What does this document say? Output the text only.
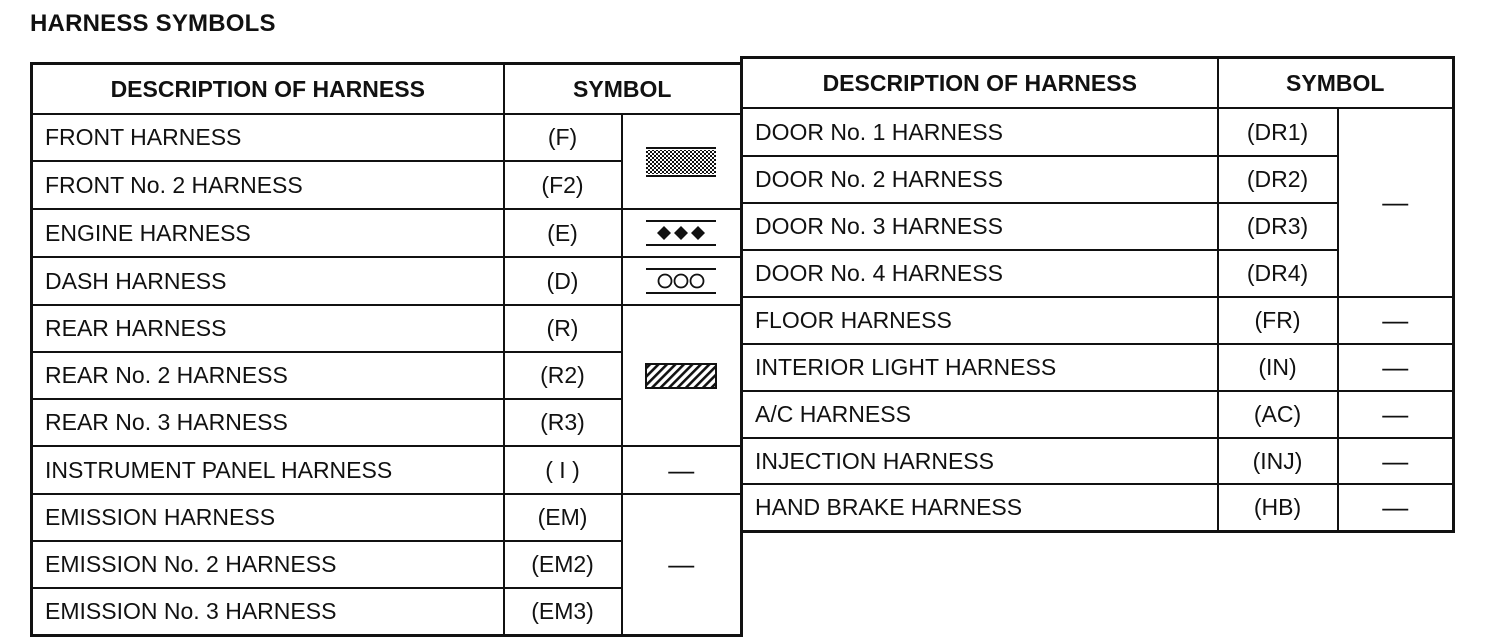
HARNESS SYMBOLS
DESCRIPTION OF HARNESS	SYMBOL	
FRONT HARNESS	(F)	

FRONT No. 2 HARNESS	(F2)	
ENGINE HARNESS	(E)	

DASH HARNESS	(D)	

REAR HARNESS	(R)	

REAR No. 2 HARNESS	(R2)	
REAR No. 3 HARNESS	(R3)	
INSTRUMENT PANEL HARNESS	( I )	—
EMISSION HARNESS	(EM)	—
EMISSION No. 2 HARNESS	(EM2)	
EMISSION No. 3 HARNESS	(EM3)	
DESCRIPTION OF HARNESS	SYMBOL	
DOOR No. 1 HARNESS	(DR1)	—
DOOR No. 2 HARNESS	(DR2)	
DOOR No. 3 HARNESS	(DR3)	
DOOR No. 4 HARNESS	(DR4)	
FLOOR HARNESS	(FR)	—
INTERIOR LIGHT HARNESS	(IN)	—
A/C HARNESS	(AC)	—
INJECTION HARNESS	(INJ)	—
HAND BRAKE HARNESS	(HB)	—
